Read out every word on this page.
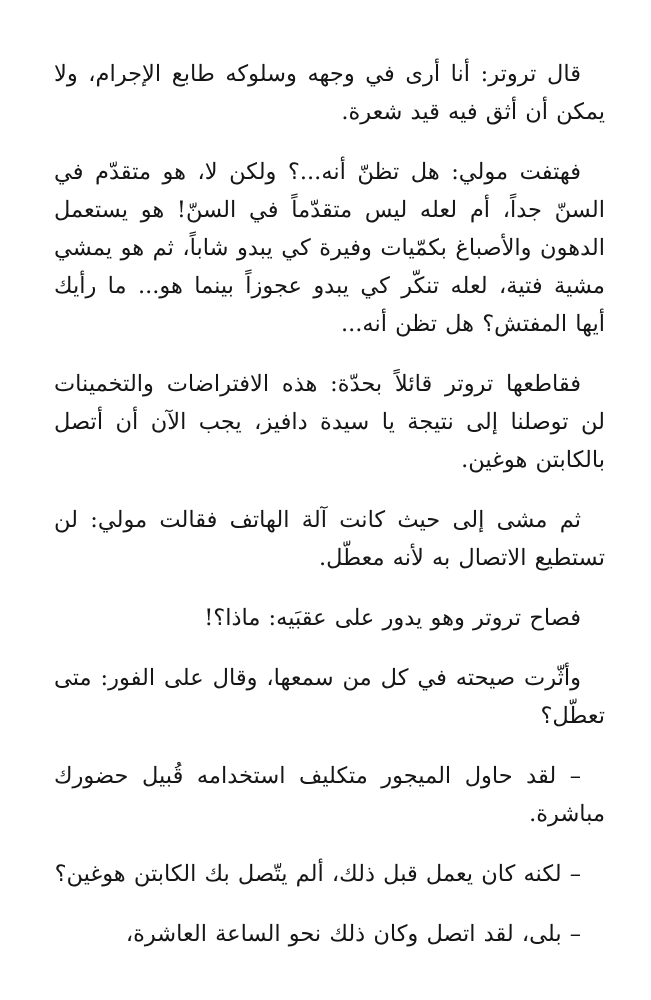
قال تروتر: أنا أرى في وجهه وسلوكه طابع الإجرام، ولا يمكن أن أثق فيه قيد شعرة.

فهتفت مولي: هل تظنّ أنه...؟ ولكن لا، هو متقدّم في السنّ جداً، أم لعله ليس متقدّماً في السنّ! هو يستعمل الدهون والأصباغ بكمّيات وفيرة كي يبدو شاباً، ثم هو يمشي مشية فتية، لعله تنكّر كي يبدو عجوزاً بينما هو... ما رأيك أيها المفتش؟ هل تظن أنه...

فقاطعها تروتر قائلاً بحدّة: هذه الافتراضات والتخمينات لن توصلنا إلى نتيجة يا سيدة دافيز، يجب الآن أن أتصل بالكابتن هوغين.

ثم مشى إلى حيث كانت آلة الهاتف فقالت مولي: لن تستطيع الاتصال به لأنه معطّل.

فصاح تروتر وهو يدور على عقبَيه: ماذا؟!

وأثّرت صيحته في كل من سمعها، وقال على الفور: متى تعطّل؟

– لقد حاول الميجور متكليف استخدامه قُبيل حضورك مباشرة.

– لكنه كان يعمل قبل ذلك، ألم يتّصل بك الكابتن هوغين؟

– بلى، لقد اتصل وكان ذلك نحو الساعة العاشرة،
